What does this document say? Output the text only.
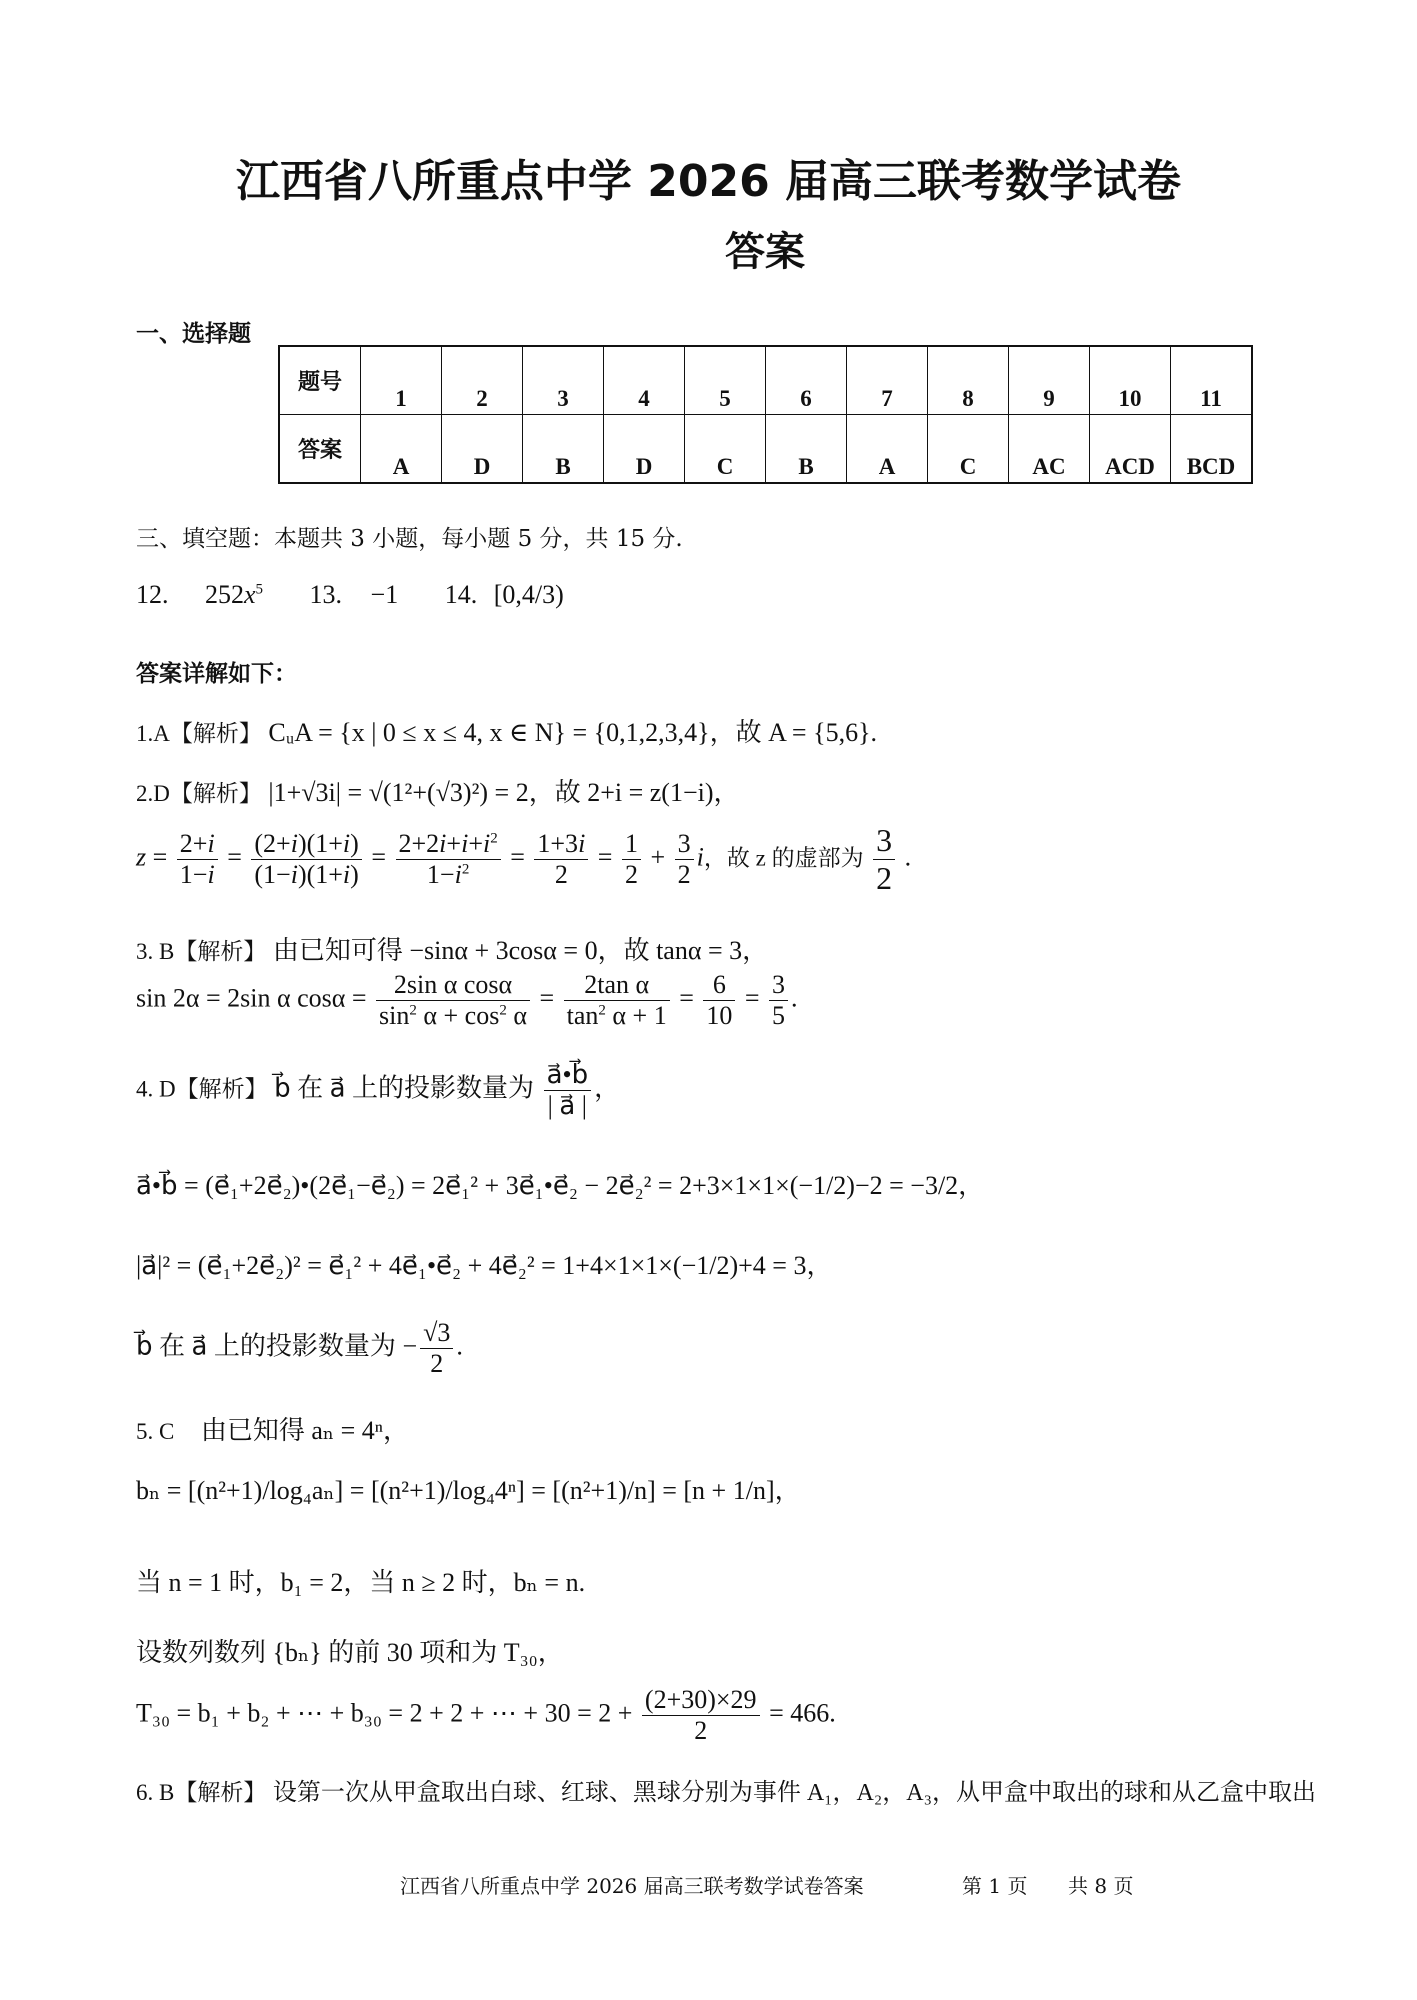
江西省八所重点中学 2026 届高三联考数学试卷
答案
一、选择题
题号	1	2	3	4	5	6	7	8	9	10	11
答案	A	D	B	D	C	B	A	C	AC	ACD	BCD
三、填空题：本题共 3 小题，每小题 5 分，共 15 分.
12. $252x^5$ 13. −1 14. [0,4/3)
答案详解如下：
1.A【解析】 CᵤA = {x | 0 ≤ x ≤ 4, x ∈ N} = {0,1,2,3,4}，故 A = {5,6}.
2.D【解析】 |1+√3i| = √(1²+(√3)²) = 2，故 2+i = z(1−i)，
$z = \frac{2+i}{1-i} = \frac{(2+i)(1+i)}{(1-i)(1+i)} = \frac{2+2i+i+i^2}{1-i^2} = \frac{1+3i}{2} = \frac{1}{2} + \frac{3}{2}$ i，故 z 的虚部为 $\frac{3}{2}$ .
3. B【解析】 由已知可得 −sinα + 3cosα = 0，故 tanα = 3，
sin 2α = 2sin α $\cos\alpha = \frac{\text{2sin α cosα}}{\sin^2 \alpha + \cos^2 \alpha} = \frac{\text{2tan α}}{\tan^2 \alpha + 1} = \frac{6}{10} = \frac{3}{5}$ .
4. D【解析】 b⃗ 在 a⃗ 上的投影数量为 $\frac{a⃗•b⃗}{| a⃗ |}$ ，
a⃗•b⃗ = (e⃗₁+2e⃗₂)•(2e⃗₁−e⃗₂) = 2e⃗₁² + 3e⃗₁•e⃗₂ − 2e⃗₂² = 2+3×1×1×(−1/2)−2 = −3/2，
|a⃗|² = (e⃗₁+2e⃗₂)² = e⃗₁² + 4e⃗₁•e⃗₂ + 4e⃗₂² = 1+4×1×1×(−1/2)+4 = 3，
b⃗ 在 a⃗ 上的投影数量为 − $\frac{√3}{2}$ .
5. C 由已知得 aₙ = 4ⁿ，
bₙ = [(n²+1)/log₄aₙ] = [(n²+1)/log₄4ⁿ] = [(n²+1)/n] = [n + 1/n]，
当 n = 1 时，b₁ = 2，当 n ≥ 2 时，bₙ = n.
设数列数列 {bₙ} 的前 30 项和为 T₃₀，
T₃₀ = b₁ + b₂ + ⋯ + b₃₀ = 2 + 2 + ⋯ + $30 = 2 + \frac{(2+30)\times 29}{2} = 466$.
6. B【解析】 设第一次从甲盒取出白球、红球、黑球分别为事件 A₁，A₂，A₃，从甲盒中取出的球和从乙盒中取出
江西省八所重点中学 2026 届高三联考数学试卷答案	第 1 页 共 8 页
